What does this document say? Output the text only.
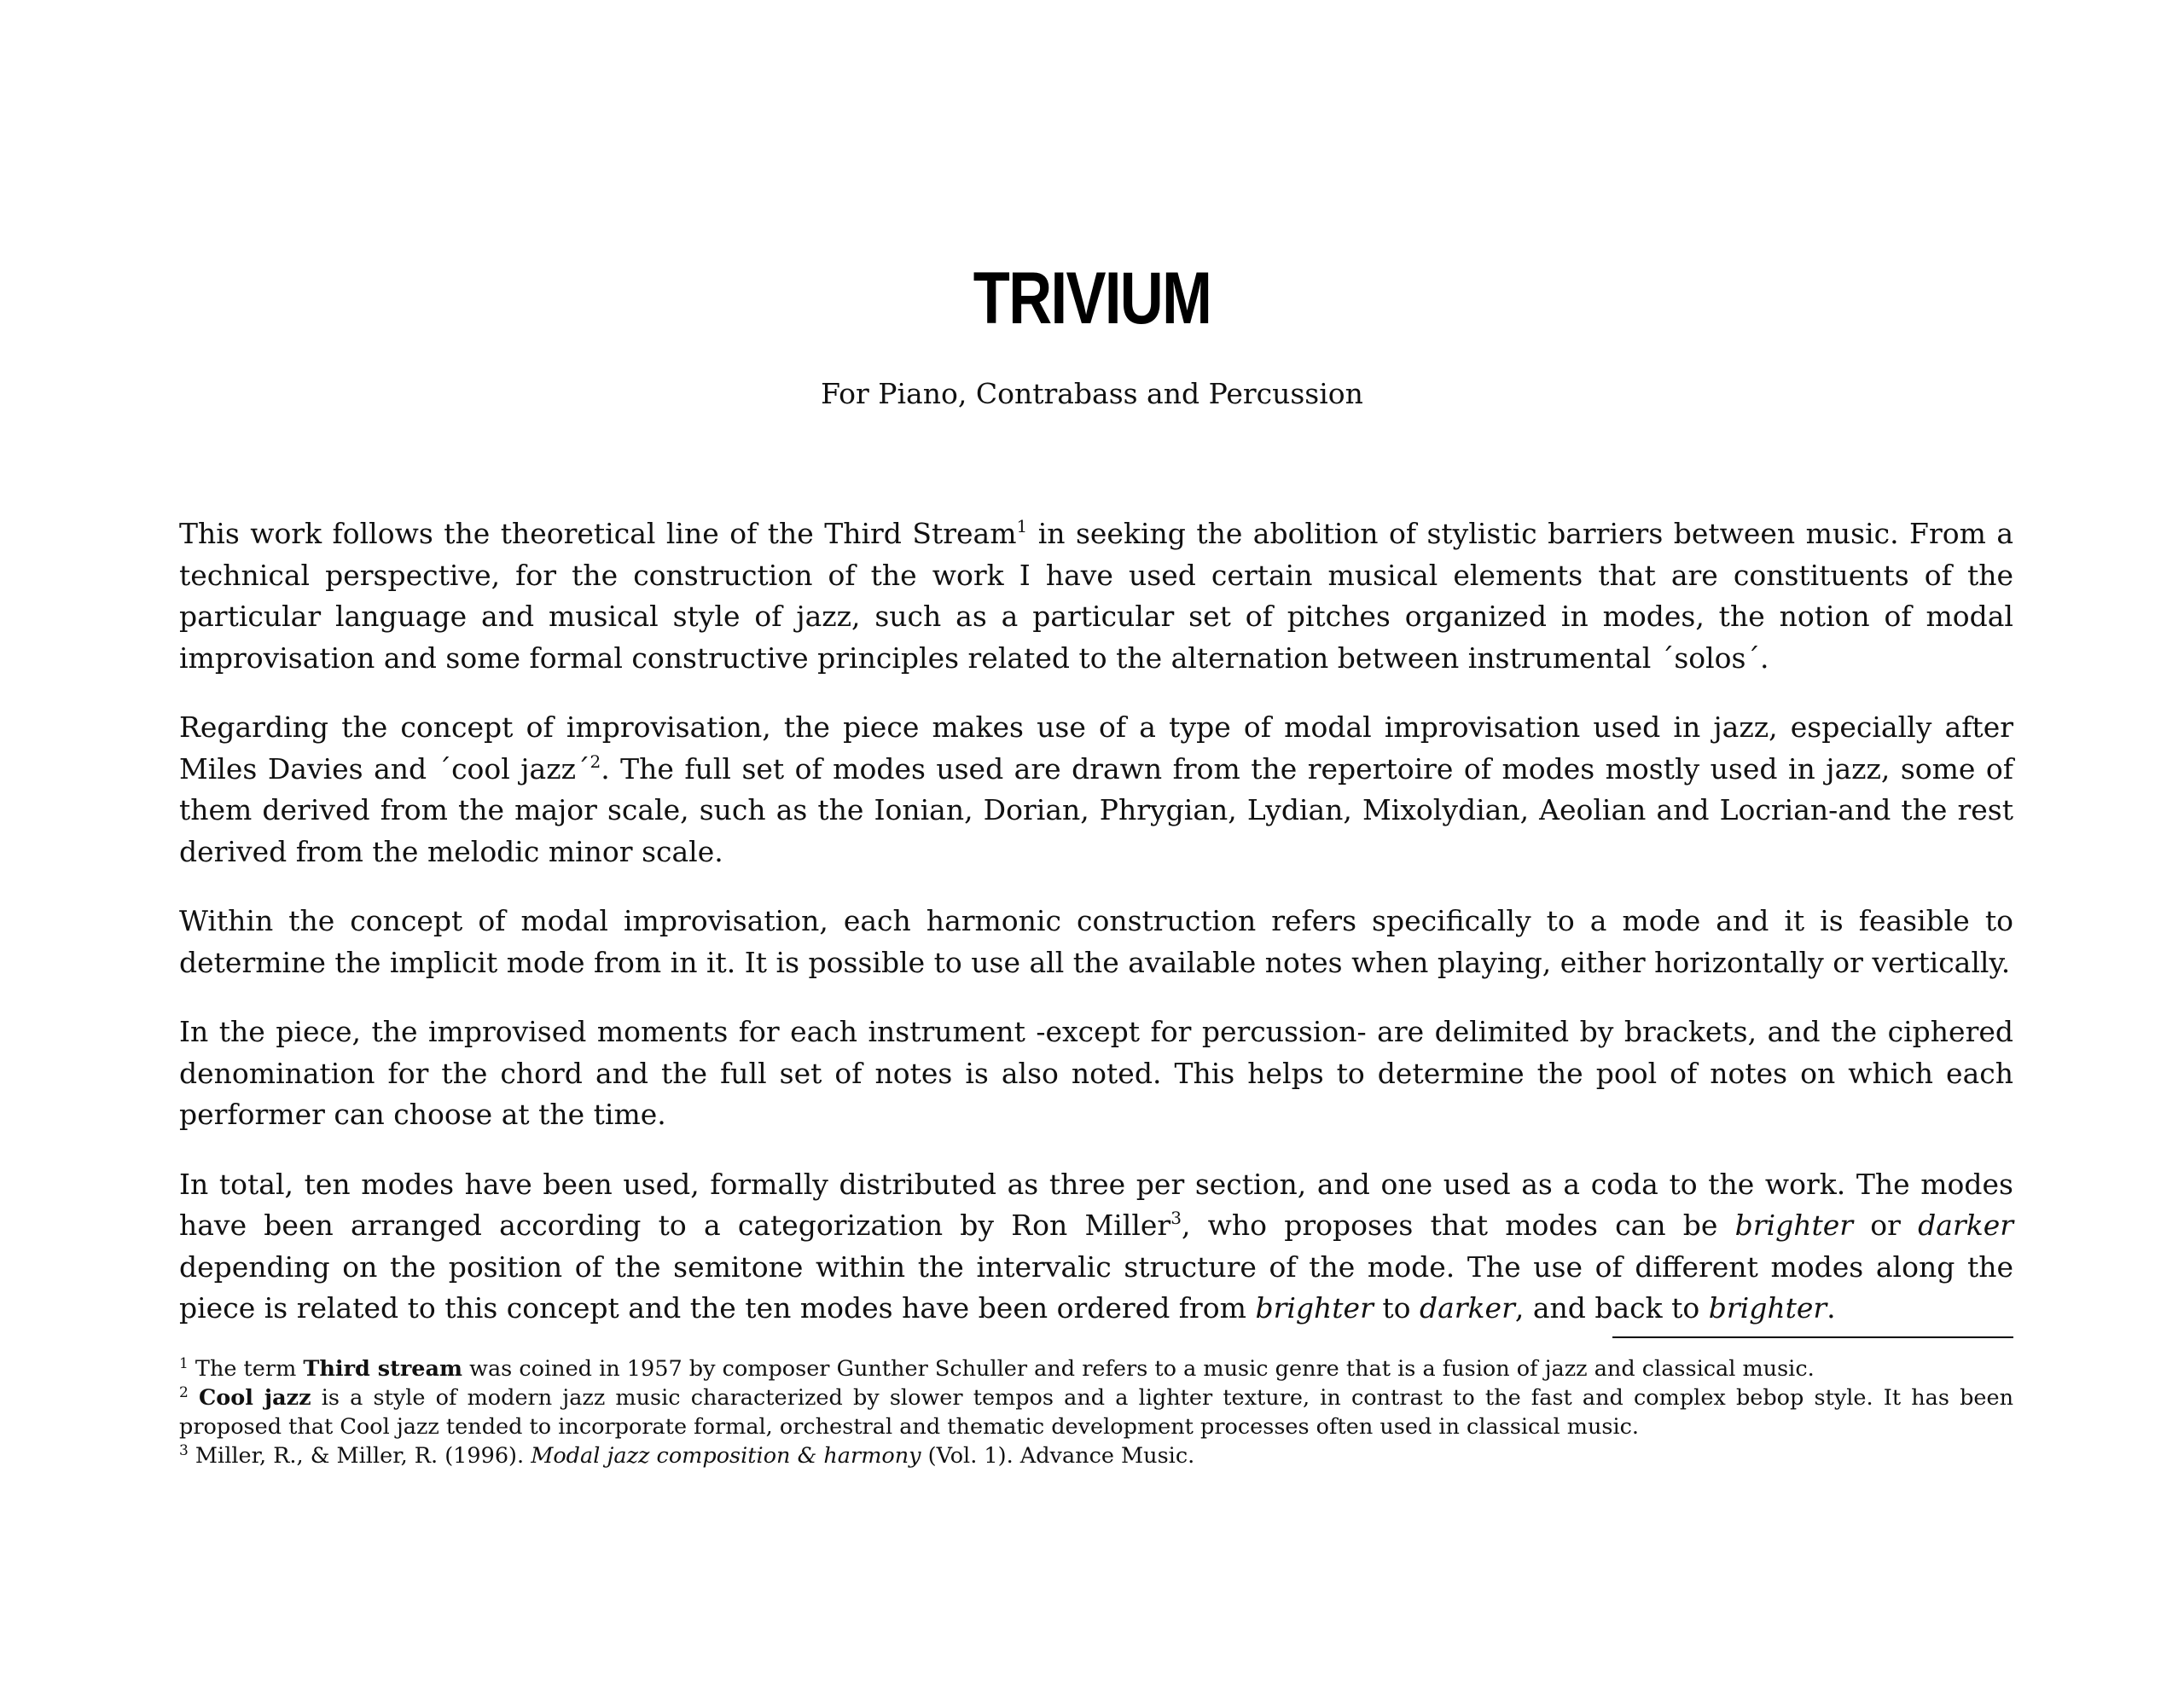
TRIVIUM

For Piano, Contrabass and Percussion

This work follows the theoretical line of the Third Stream$^1$ in seeking the abolition of stylistic barriers between music. From a technical perspective, for the construction of the work I have used certain musical elements that are constituents of the particular language and musical style of jazz, such as a particular set of pitches organized in modes, the notion of modal improvisation and some formal constructive principles related to the alternation between instrumental ´solos´.

Regarding the concept of improvisation, the piece makes use of a type of modal improvisation used in jazz, especially after Miles Davies and ´cool jazz´$^2$. The full set of modes used are drawn from the repertoire of modes mostly used in jazz, some of them derived from the major scale, such as the Ionian, Dorian, Phrygian, Lydian, Mixolydian, Aeolian and Locrian-and the rest derived from the melodic minor scale.

Within the concept of modal improvisation, each harmonic construction refers specifically to a mode and it is feasible to determine the implicit mode from in it. It is possible to use all the available notes when playing, either horizontally or vertically.

In the piece, the improvised moments for each instrument -except for percussion- are delimited by brackets, and the ciphered denomination for the chord and the full set of notes is also noted. This helps to determine the pool of notes on which each performer can choose at the time.

In total, ten modes have been used, formally distributed as three per section, and one used as a coda to the work. The modes have been arranged according to a categorization by Ron Miller$^3$, who proposes that modes can be brighter or darker depending on the position of the semitone within the intervalic structure of the mode. The use of different modes along the piece is related to this concept and the ten modes have been ordered from brighter to darker, and back to brighter.

$^1$ The term Third stream was coined in 1957 by composer Gunther Schuller and refers to a music genre that is a fusion of jazz and classical music.

$^2$ Cool jazz is a style of modern jazz music characterized by slower tempos and a lighter texture, in contrast to the fast and complex bebop style. It has been proposed that Cool jazz tended to incorporate formal, orchestral and thematic development processes often used in classical music.

$^3$ Miller, R., & Miller, R. (1996). Modal jazz composition & harmony (Vol. 1). Advance Music.
